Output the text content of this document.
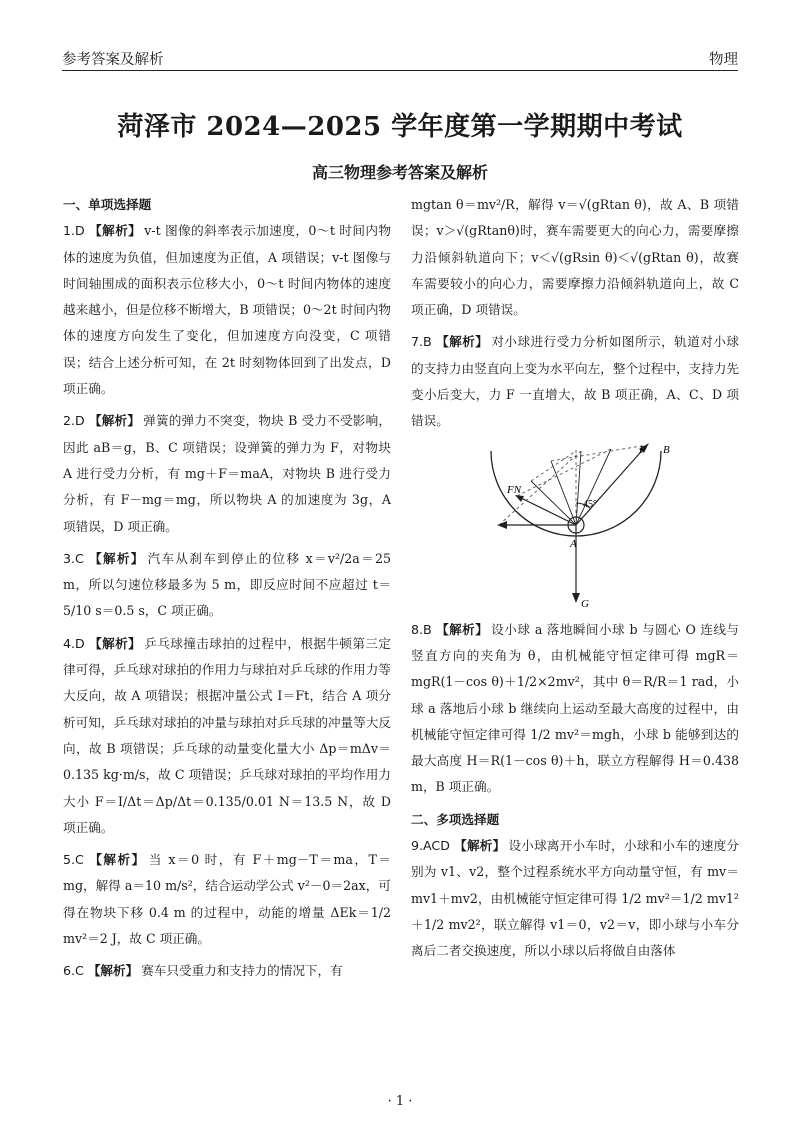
参考答案及解析	物理
菏泽市 2024—2025 学年度第一学期期中考试
高三物理参考答案及解析
一、单项选择题

1.D 【解析】 v-t 图像的斜率表示加速度，0～t 时间内物体的速度为负值，但加速度为正值，A 项错误；v-t 图像与时间轴围成的面积表示位移大小，0～t 时间内物体的速度越来越小，但是位移不断增大，B 项错误；0～2t 时间内物体的速度方向发生了变化，但加速度方向没变，C 项错误；结合上述分析可知，在 2t 时刻物体回到了出发点，D 项正确。

2.D 【解析】 弹簧的弹力不突变，物块 B 受力不受影响，因此 aB＝g，B、C 项错误；设弹簧的弹力为 F，对物块 A 进行受力分析，有 mg＋F＝maA，对物块 B 进行受力分析，有 F－mg＝mg，所以物块 A 的加速度为 3g，A 项错误，D 项正确。

3.C 【解析】 汽车从刹车到停止的位移 x＝v²/2a＝25 m，所以匀速位移最多为 5 m，即反应时间不应超过 t＝5/10 s＝0.5 s，C 项正确。

4.D 【解析】 乒乓球撞击球拍的过程中，根据牛顿第三定律可得，乒乓球对球拍的作用力与球拍对乒乓球的作用力等大反向，故 A 项错误；根据冲量公式 I＝Ft，结合 A 项分析可知，乒乓球对球拍的冲量与球拍对乒乓球的冲量等大反向，故 B 项错误；乒乓球的动量变化量大小 Δp＝mΔv＝0.135 kg·m/s，故 C 项错误；乒乓球对球拍的平均作用力大小 F＝I/Δt＝Δp/Δt＝0.135/0.01 N＝13.5 N，故 D 项正确。

5.C 【解析】 当 x＝0 时，有 F＋mg－T＝ma，T＝mg，解得 a＝10 m/s²，结合运动学公式 v²－0＝2ax，可得在物块下移 0.4 m 的过程中，动能的增量 ΔEk＝1/2 mv²＝2 J，故 C 项正确。

6.C 【解析】 赛车只受重力和支持力的情况下，有

mgtan θ＝mv²/R，解得 v＝√(gRtan θ)，故 A、B 项错误；v＞√(gRtanθ)时，赛车需要更大的向心力，需要摩擦力沿倾斜轨道向下；v＜√(gRsin θ)＜√(gRtan θ)，故赛车需要较小的向心力，需要摩擦力沿倾斜轨道向上，故 C 项正确，D 项错误。

7.B 【解析】 对小球进行受力分析如图所示，轨道对小球的支持力由竖直向上变为水平向左，整个过程中，支持力先变小后变大，力 F 一直增大，故 B 项正确，A、C、D 项错误。

F B
FN
45°
A
G

8.B 【解析】 设小球 a 落地瞬间小球 b 与圆心 O 连线与竖直方向的夹角为 θ，由机械能守恒定律可得 mgR＝mgR(1－cos θ)＋1/2×2mv²，其中 θ＝R/R＝1 rad，小球 a 落地后小球 b 继续向上运动至最大高度的过程中，由机械能守恒定律可得 1/2 mv²＝mgh，小球 b 能够到达的最大高度 H＝R(1－cos θ)＋h，联立方程解得 H＝0.438 m，B 项正确。

二、多项选择题

9.ACD 【解析】 设小球离开小车时，小球和小车的速度分别为 v1、v2，整个过程系统水平方向动量守恒，有 mv＝mv1＋mv2，由机械能守恒定律可得 1/2 mv²＝1/2 mv1²＋1/2 mv2²，联立解得 v1＝0，v2＝v，即小球与小车分离后二者交换速度，所以小球以后将做自由落体

· 1 ·
